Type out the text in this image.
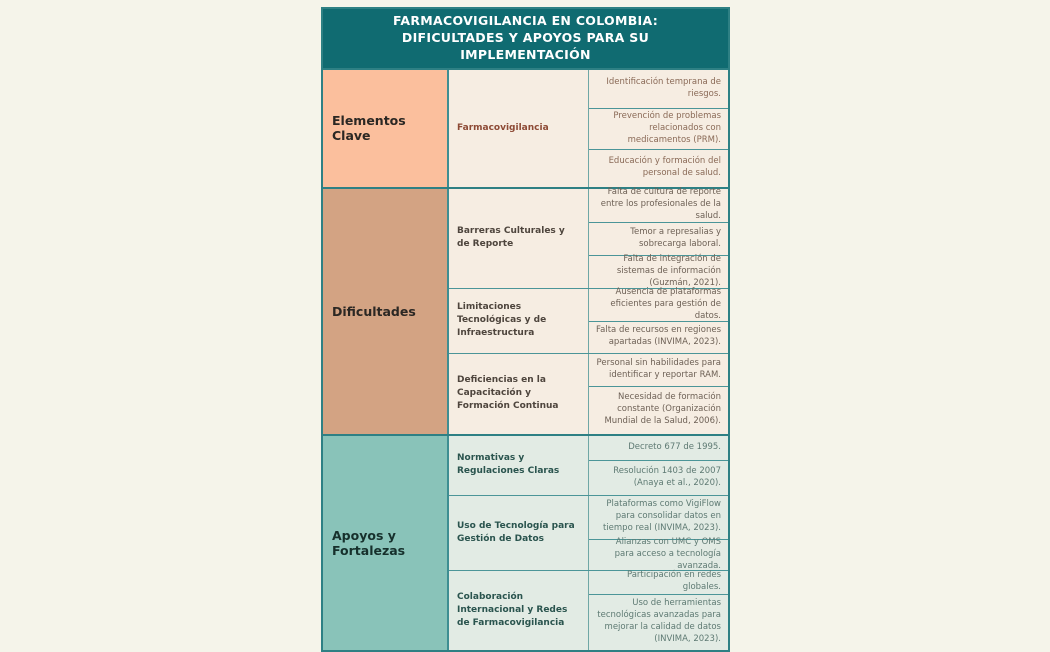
FARMACOVIGILANCIA EN COLOMBIA: DIFICULTADES Y APOYOS PARA SU IMPLEMENTACIÓN
Elementos Clave
Farmacovigilancia
Identificación temprana de riesgos.
Prevención de problemas relacionados con medicamentos (PRM).
Educación y formación del personal de salud.
Dificultades
Barreras Culturales y de Reporte
Falta de cultura de reporte entre los profesionales de la salud.
Temor a represalias y sobrecarga laboral.
Falta de integración de sistemas de información (Guzmán, 2021).
Limitaciones Tecnológicas y de Infraestructura
Ausencia de plataformas eficientes para gestión de datos.
Falta de recursos en regiones apartadas (INVIMA, 2023).
Deficiencias en la Capacitación y Formación Continua
Personal sin habilidades para identificar y reportar RAM.
Necesidad de formación constante (Organización Mundial de la Salud, 2006).
Apoyos y Fortalezas
Normativas y Regulaciones Claras
Decreto 677 de 1995.
Resolución 1403 de 2007 (Anaya et al., 2020).
Uso de Tecnología para Gestión de Datos
Plataformas como VigiFlow para consolidar datos en tiempo real (INVIMA, 2023).
Alianzas con UMC y OMS para acceso a tecnología avanzada.
Colaboración Internacional y Redes de Farmacovigilancia
Participación en redes globales.
Uso de herramientas tecnológicas avanzadas para mejorar la calidad de datos (INVIMA, 2023).
